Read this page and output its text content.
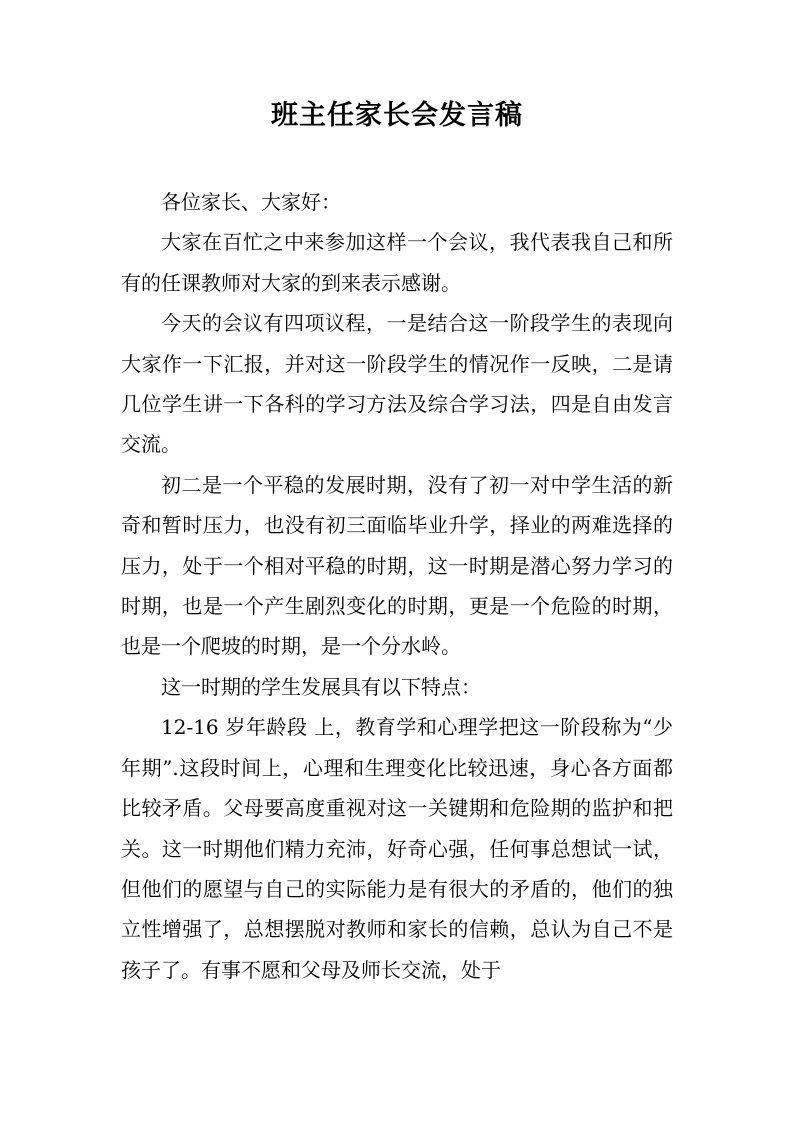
班主任家长会发言稿

各位家长、大家好：

大家在百忙之中来参加这样一个会议，我代表我自己和所有的任课教师对大家的到来表示感谢。

今天的会议有四项议程，一是结合这一阶段学生的表现向大家作一下汇报，并对这一阶段学生的情况作一反映，二是请几位学生讲一下各科的学习方法及综合学习法，四是自由发言交流。

初二是一个平稳的发展时期，没有了初一对中学生活的新奇和暂时压力，也没有初三面临毕业升学，择业的两难选择的压力，处于一个相对平稳的时期，这一时期是潜心努力学习的时期，也是一个产生剧烈变化的时期，更是一个危险的时期，也是一个爬坡的时期，是一个分水岭。

这一时期的学生发展具有以下特点：

12-16 岁年龄段 上，教育学和心理学把这一阶段称为“少年期”.这段时间上，心理和生理变化比较迅速，身心各方面都比较矛盾。父母要高度重视对这一关键期和危险期的监护和把关。这一时期他们精力充沛，好奇心强，任何事总想试一试，但他们的愿望与自己的实际能力是有很大的矛盾的，他们的独立性增强了，总想摆脱对教师和家长的信赖，总认为自己不是孩子了。有事不愿和父母及师长交流，处于
